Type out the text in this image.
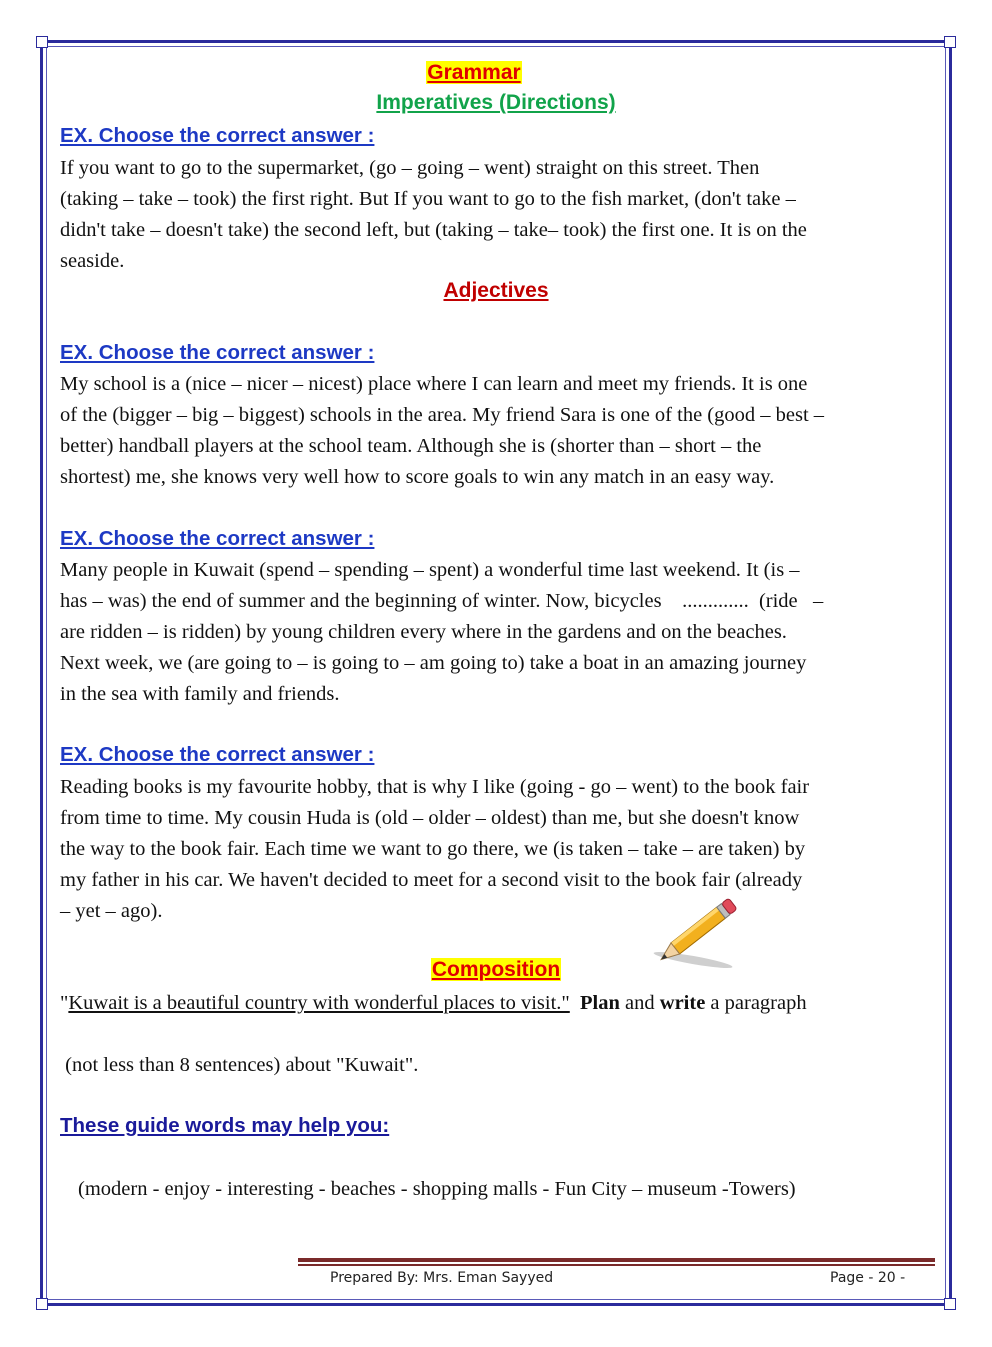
Grammar
Imperatives (Directions)
EX. Choose the correct answer :

If you want to go to the supermarket, (go – going – went) straight on this street. Then

(taking – take – took) the first right. But If you want to go to the fish market, (don't take –

didn't take – doesn't take) the second left, but (taking – take– took) the first one. It is on the

seaside.

Adjectives
EX. Choose the correct answer :

My school is a (nice – nicer – nicest) place where I can learn and meet my friends. It is one

of the (bigger – big – biggest) schools in the area. My friend Sara is one of the (good – best –

better) handball players at the school team. Although she is (shorter than – short – the

shortest) me, she knows very well how to score goals to win any match in an easy way.

EX. Choose the correct answer :

Many people in Kuwait (spend – spending – spent) a wonderful time last weekend. It (is –

has – was) the end of summer and the beginning of winter. Now, bicycles    .............  (ride   –

are ridden – is ridden) by young children every where in the gardens and on the beaches.

Next week, we (are going to – is going to – am going to) take a boat in an amazing journey

in the sea with family and friends.

EX. Choose the correct answer :

Reading books is my favourite hobby, that is why I like (going - go – went) to the book fair

from time to time. My cousin Huda is (old – older – oldest) than me, but she doesn't know

the way to the book fair. Each time we want to go there, we (is taken – take – are taken) by

my father in his car. We haven't decided to meet for a second visit to the book fair (already

– yet – ago).

Composition
"Kuwait is a beautiful country with wonderful places to visit." Plan and write a paragraph
(not less than 8 sentences) about "Kuwait".
These guide words may help you:
(modern - enjoy - interesting - beaches - shopping malls - Fun City – museum -Towers)
Prepared By: Mrs. Eman Sayyed	Page - 20 -
